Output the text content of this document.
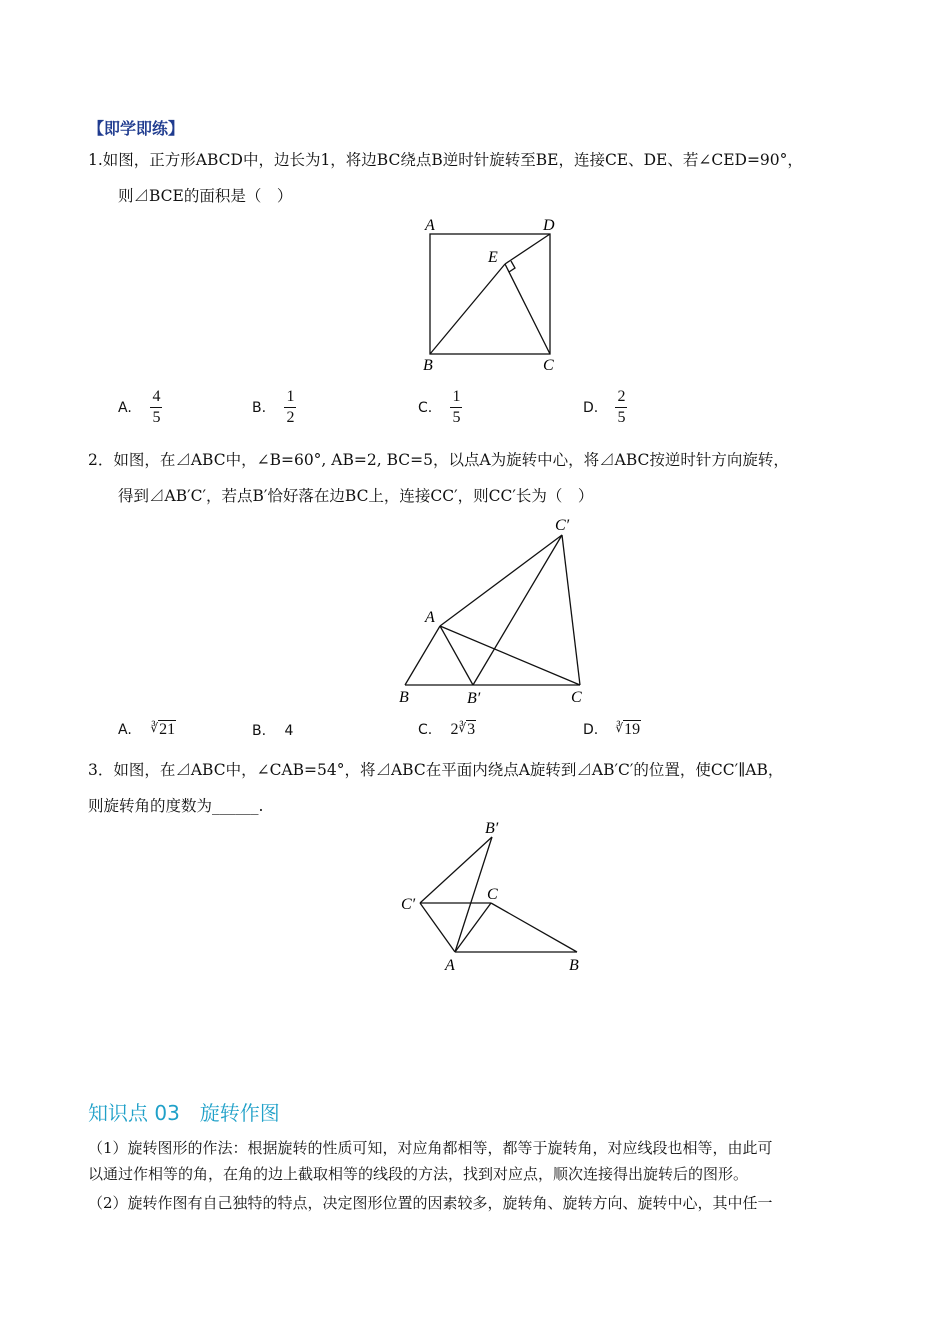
【即学即练】
1.如图，正方形ABCD中，边长为1，将边BC绕点B逆时针旋转至BE，连接CE、DE、若∠CED=90°，
则⊿BCE的面积是（　）
A	D
E
B	C
A. $\frac{4}{5}$	B. $\frac{1}{2}$	C. $\frac{1}{5}$	D. $\frac{2}{5}$
2．如图，在⊿ABC中，∠B=60°, AB=2, BC=5，以点A为旋转中心，将⊿ABC按逆时针方向旋转，
得到⊿AB′C′，若点B′恰好落在边BC上，连接CC′，则CC′长为（　）
C′
A
B	B′	C
A. ∛21	B. 4	C. 2∛3	D. ∛19
3．如图，在⊿ABC中，∠CAB=54°，将⊿ABC在平面内绕点A旋转到⊿AB′C′的位置，使CC′∥AB，
则旋转角的度数为______.
B′
C
C′
A	B
知识点 03　旋转作图
（1）旋转图形的作法：根据旋转的性质可知，对应角都相等，都等于旋转角，对应线段也相等，由此可
以通过作相等的角，在角的边上截取相等的线段的方法，找到对应点，顺次连接得出旋转后的图形。
（2）旋转作图有自己独特的特点，决定图形位置的因素较多，旋转角、旋转方向、旋转中心，其中任一
